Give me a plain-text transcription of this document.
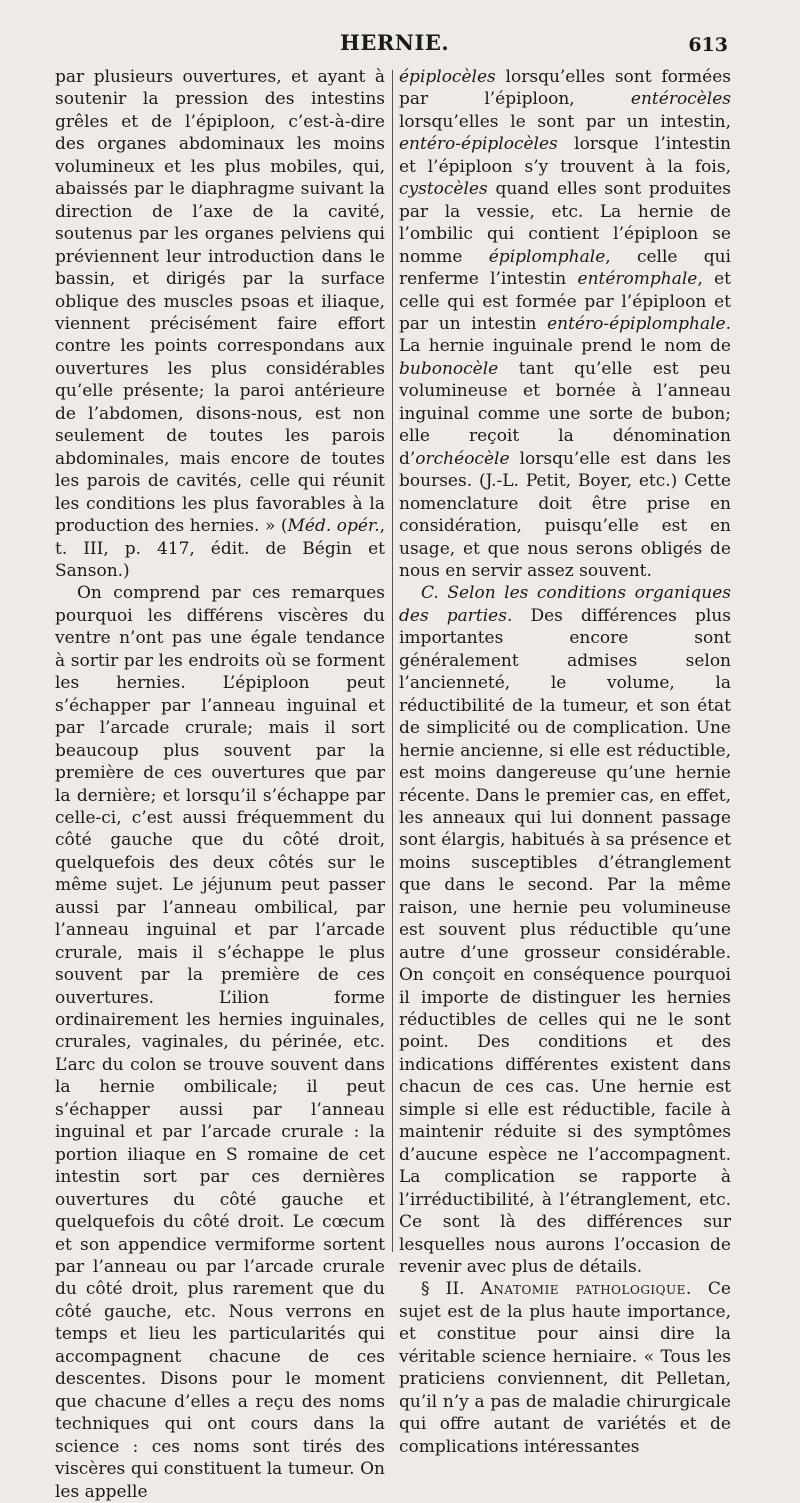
HERNIE.	613

par plusieurs ouvertures, et ayant à soutenir la pression des intestins grêles et de l’épiploon, c’est-à-dire des organes abdominaux les moins volumineux et les plus mobiles, qui, abaissés par le diaphragme suivant la direction de l’axe de la cavité, soutenus par les organes pelviens qui préviennent leur introduction dans le bassin, et dirigés par la surface oblique des muscles psoas et iliaque, viennent précisément faire effort contre les points correspondans aux ouvertures les plus considérables qu’elle présente; la paroi antérieure de l’abdomen, disons-nous, est non seulement de toutes les parois abdominales, mais encore de toutes les parois de cavités, celle qui réunit les conditions les plus favorables à la production des hernies. » (Méd. opér., t. III, p. 417, édit. de Bégin et Sanson.)

On comprend par ces remarques pourquoi les différens viscères du ventre n’ont pas une égale tendance à sortir par les endroits où se forment les hernies. L’épiploon peut s’échapper par l’anneau inguinal et par l’arcade crurale; mais il sort beaucoup plus souvent par la première de ces ouvertures que par la dernière; et lorsqu’il s’échappe par celle-ci, c’est aussi fréquemment du côté gauche que du côté droit, quelquefois des deux côtés sur le même sujet. Le jéjunum peut passer aussi par l’anneau ombilical, par l’anneau inguinal et par l’arcade crurale, mais il s’échappe le plus souvent par la première de ces ouvertures. L’ilion forme ordinairement les hernies inguinales, crurales, vaginales, du périnée, etc. L’arc du colon se trouve souvent dans la hernie ombilicale; il peut s’échapper aussi par l’anneau inguinal et par l’arcade crurale : la portion iliaque en S romaine de cet intestin sort par ces dernières ouvertures du côté gauche et quelquefois du côté droit. Le cœcum et son appendice vermiforme sortent par l’anneau ou par l’arcade crurale du côté droit, plus rarement que du côté gauche, etc. Nous verrons en temps et lieu les particularités qui accompagnent chacune de ces descentes. Disons pour le moment que chacune d’elles a reçu des noms techniques qui ont cours dans la science : ces noms sont tirés des viscères qui constituent la tumeur. On les appelle

épiplocèles lorsqu’elles sont formées par l’épiploon, entérocèles lorsqu’elles le sont par un intestin, entéro-épiplocèles lorsque l’intestin et l’épiploon s’y trouvent à la fois, cystocèles quand elles sont produites par la vessie, etc. La hernie de l’ombilic qui contient l’épiploon se nomme épiplomphale, celle qui renferme l’intestin entéromphale, et celle qui est formée par l’épiploon et par un intestin entéro-épiplomphale. La hernie inguinale prend le nom de bubonocèle tant qu’elle est peu volumineuse et bornée à l’anneau inguinal comme une sorte de bubon; elle reçoit la dénomination d’orchéocèle lorsqu’elle est dans les bourses. (J.-L. Petit, Boyer, etc.) Cette nomenclature doit être prise en considération, puisqu’elle est en usage, et que nous serons obligés de nous en servir assez souvent.

C. Selon les conditions organiques des parties. Des différences plus importantes encore sont généralement admises selon l’ancienneté, le volume, la réductibilité de la tumeur, et son état de simplicité ou de complication. Une hernie ancienne, si elle est réductible, est moins dangereuse qu’une hernie récente. Dans le premier cas, en effet, les anneaux qui lui donnent passage sont élargis, habitués à sa présence et moins susceptibles d’étranglement que dans le second. Par la même raison, une hernie peu volumineuse est souvent plus réductible qu’une autre d’une grosseur considérable. On conçoit en conséquence pourquoi il importe de distinguer les hernies réductibles de celles qui ne le sont point. Des conditions et des indications différentes existent dans chacun de ces cas. Une hernie est simple si elle est réductible, facile à maintenir réduite si des symptômes d’aucune espèce ne l’accompagnent. La complication se rapporte à l’irréductibilité, à l’étranglement, etc. Ce sont là des différences sur lesquelles nous aurons l’occasion de revenir avec plus de détails.

§ II. Anatomie pathologique. Ce sujet est de la plus haute importance, et constitue pour ainsi dire la véritable science herniaire. « Tous les praticiens conviennent, dit Pelletan, qu’il n’y a pas de maladie chirurgicale qui offre autant de variétés et de complications intéressantes
